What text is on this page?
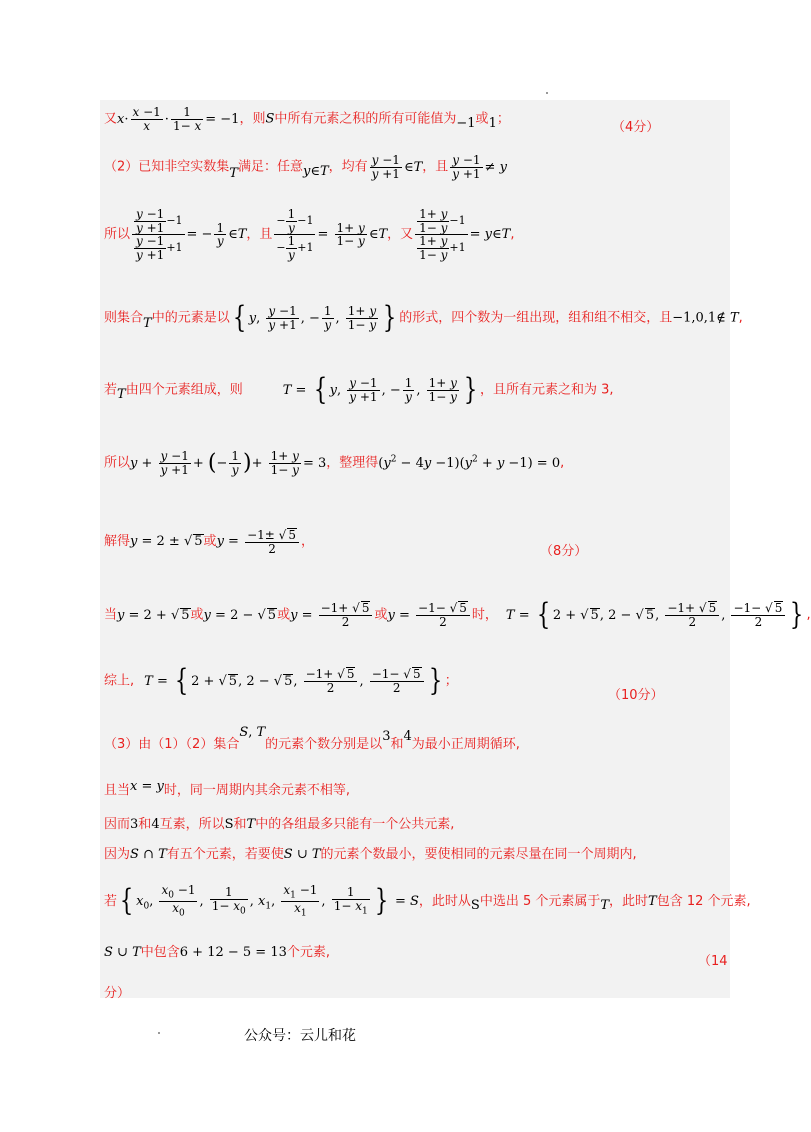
又$x\cdot \frac{x -1}{x} \cdot \frac{1}{1- x} = -1$，则S中所有元素之积的所有可能值为−1或1；
（4分）
（2）已知非空实数集T满足：任意y∈T，均有 $\frac{y -1}{y +1}$ ∈T，且 $\frac{y -1}{y +1} \ne y$
所以 $\frac{\frac{y -1}{y +1} -1}{\frac{y -1}{y +1} +1}$ = − $\frac{1}{y}$ ∈T，且 $\frac{- \frac{1}{y} -1}{- \frac{1}{y} +1} = \frac{1+ y}{1- y}$ ∈T，又 $\frac{\frac{1+ y}{1- y} -1}{\frac{1+ y}{1- y} +1}$ = y∈T,
则集合T中的元素是以{ y, $\frac{y -1}{y +1}$ , − $\frac{1}{y}$ , $\frac{1+ y}{1- y}$ } 的形式，四个数为一组出现，组和组不相交，且−1,0,1∉ T,
若T由四个元素组成，则	T = { y, $\frac{y -1}{y +1}$ , − $\frac{1}{y}$ , $\frac{1+ y}{1- y}$ } ，且所有元素之和为 3,
所以$y + \frac{y -1}{y +1}$ + (− $\frac{1}{y}$ )+ $\frac{1+ y}{1- y} = 3$，整理得$(y^2 - 4y -1)(y^2 + y -1) = 0$,
解得y = 2 ± √ 5或$y = \frac{-1\pm √ 5}{2}$ ，
（8分）
当y = 2 + √ 5或y = 2 − √ 5或$y = \frac{-1+ √ 5}{2}$ 或$y = \frac{-1- √ 5}{2}$ 时， T = { 2 + √ 5, 2 − √ 5, $\frac{-1+ √ 5}{2}$ , $\frac{-1- √ 5}{2}$ } ,
综上, T = { 2 + √ 5, 2 − √ 5, $\frac{-1+ √ 5}{2}$ , $\frac{-1- √ 5}{2}$ } ；
（10分）
（3）由（1）（2）集合S, T的元素个数分别是以3和4为最小正周期循环,
且当x = y时，同一周期内其余元素不相等,
因而3和4互素，所以S和T中的各组最多只能有一个公共元素,
因为S ∩ T有五个元素，若要使S ∪ T的元素个数最小，要使相同的元素尽量在同一个周期内,
若{ $x_0$, $\frac{x_0 -1}{x_0}$ , $\frac{1}{1- x_0}$ , $x_1$, $\frac{x_1 -1}{x_1}$ , $\frac{1}{1- x_1}$ } = S，此时从S中选出 5 个元素属于T，此时T包含 12 个元素,
S ∪ T中包含6 + 12 − 5 = 13个元素,
（14
分）
公众号：云儿和花
